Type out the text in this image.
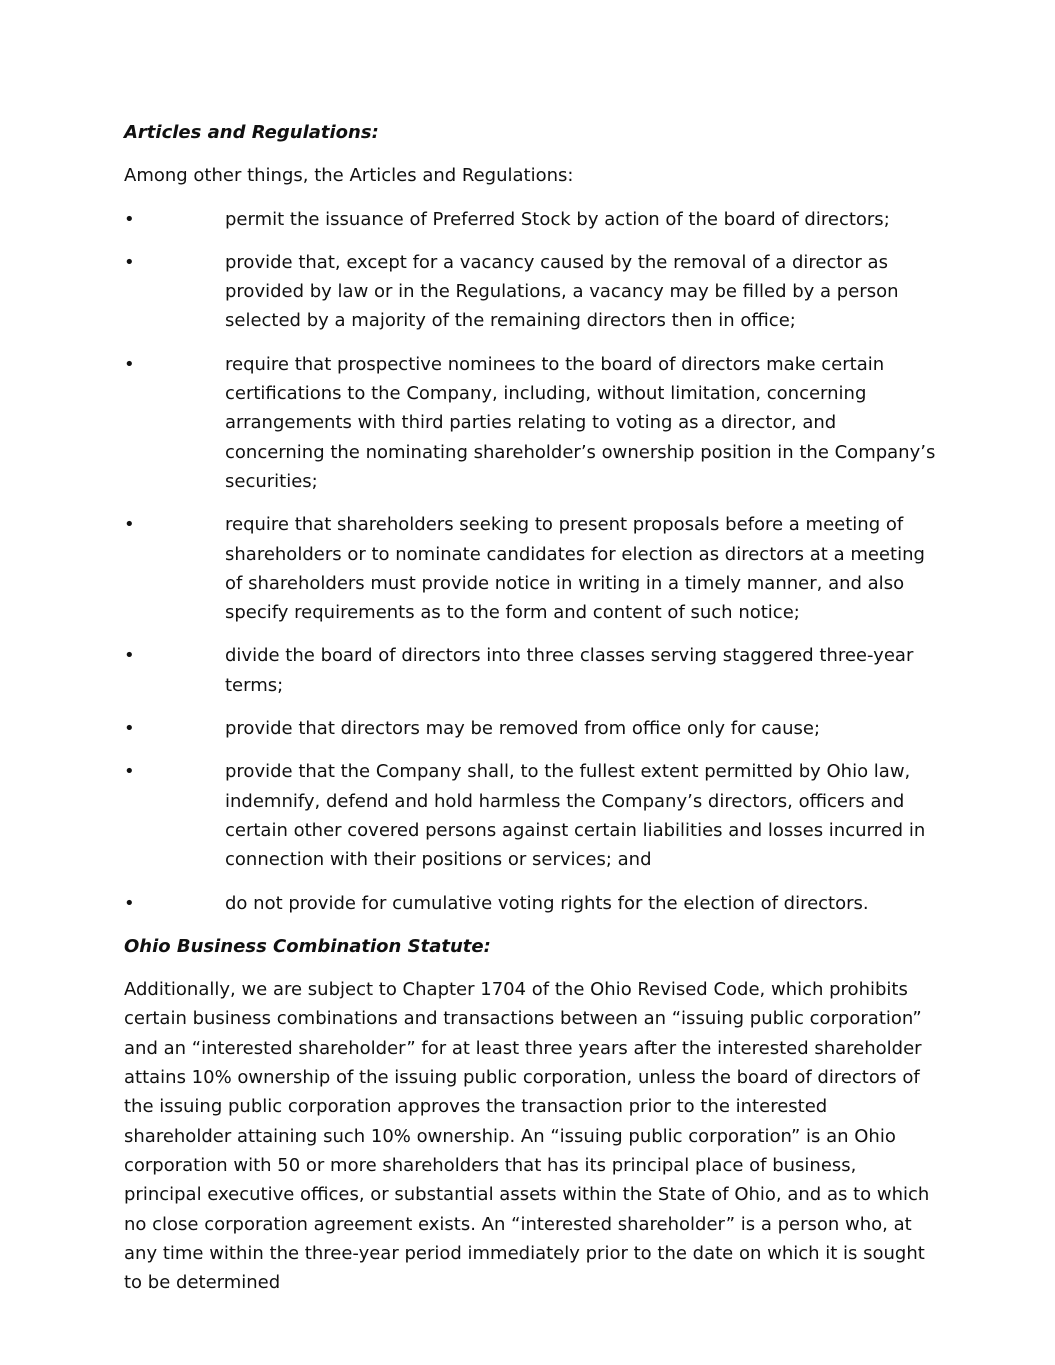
Articles and Regulations:

Among other things, the Articles and Regulations:

•	permit the issuance of Preferred Stock by action of the board of directors;
•	provide that, except for a vacancy caused by the removal of a director as provided by law or in the Regulations, a vacancy may be filled by a person selected by a majority of the remaining directors then in office;
•	require that prospective nominees to the board of directors make certain certifications to the Company, including, without limitation, concerning arrangements with third parties relating to voting as a director, and concerning the nominating shareholder’s ownership position in the Company’s securities;
•	require that shareholders seeking to present proposals before a meeting of shareholders or to nominate candidates for election as directors at a meeting of shareholders must provide notice in writing in a timely manner, and also specify requirements as to the form and content of such notice;
•	divide the board of directors into three classes serving staggered three-year terms;
•	provide that directors may be removed from office only for cause;
•	provide that the Company shall, to the fullest extent permitted by Ohio law, indemnify, defend and hold harmless the Company’s directors, officers and certain other covered persons against certain liabilities and losses incurred in connection with their positions or services; and
•	do not provide for cumulative voting rights for the election of directors.

Ohio Business Combination Statute:

Additionally, we are subject to Chapter 1704 of the Ohio Revised Code, which prohibits certain business combinations and transactions between an “issuing public corporation” and an “interested shareholder” for at least three years after the interested shareholder attains 10% ownership of the issuing public corporation, unless the board of directors of the issuing public corporation approves the transaction prior to the interested shareholder attaining such 10% ownership. An “issuing public corporation” is an Ohio corporation with 50 or more shareholders that has its principal place of business, principal executive offices, or substantial assets within the State of Ohio, and as to which no close corporation agreement exists. An “interested shareholder” is a person who, at any time within the three-year period immediately prior to the date on which it is sought to be determined
